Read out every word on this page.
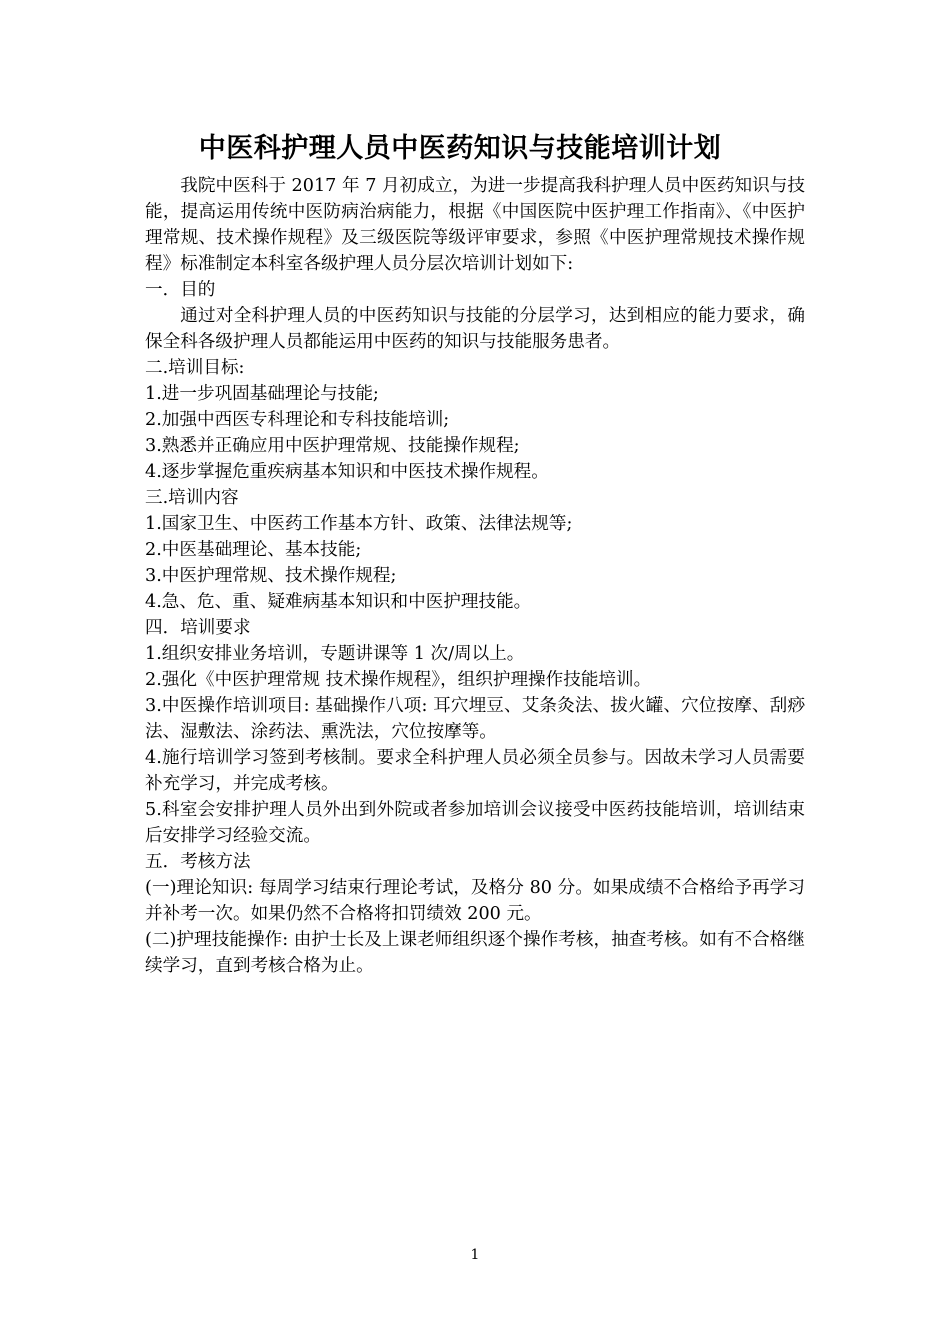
中医科护理人员中医药知识与技能培训计划

我院中医科于 2017 年 7 月初成立，为进一步提高我科护理人员中医药知识与技能，提高运用传统中医防病治病能力，根据《中国医院中医护理工作指南》、《中医护理常规、技术操作规程》及三级医院等级评审要求，参照《中医护理常规技术操作规程》标准制定本科室各级护理人员分层次培训计划如下:

一．目的

通过对全科护理人员的中医药知识与技能的分层学习，达到相应的能力要求，确保全科各级护理人员都能运用中医药的知识与技能服务患者。

二.培训目标:

1.进一步巩固基础理论与技能;

2.加强中西医专科理论和专科技能培训;

3.熟悉并正确应用中医护理常规、技能操作规程;

4.逐步掌握危重疾病基本知识和中医技术操作规程。

三.培训内容

1.国家卫生、中医药工作基本方针、政策、法律法规等;

2.中医基础理论、基本技能;

3.中医护理常规、技术操作规程;

4.急、危、重、疑难病基本知识和中医护理技能。

四．培训要求

1.组织安排业务培训，专题讲课等 1 次/周以上。

2.强化《中医护理常规 技术操作规程》，组织护理操作技能培训。

3.中医操作培训项目: 基础操作八项: 耳穴埋豆、艾条灸法、拔火罐、穴位按摩、刮痧法、湿敷法、涂药法、熏洗法，穴位按摩等。

4.施行培训学习签到考核制。要求全科护理人员必须全员参与。因故未学习人员需要补充学习，并完成考核。

5.科室会安排护理人员外出到外院或者参加培训会议接受中医药技能培训，培训结束后安排学习经验交流。

五．考核方法

(一)理论知识: 每周学习结束行理论考试，及格分 80 分。如果成绩不合格给予再学习并补考一次。如果仍然不合格将扣罚绩效 200 元。

(二)护理技能操作: 由护士长及上课老师组织逐个操作考核，抽查考核。如有不合格继续学习，直到考核合格为止。

1
